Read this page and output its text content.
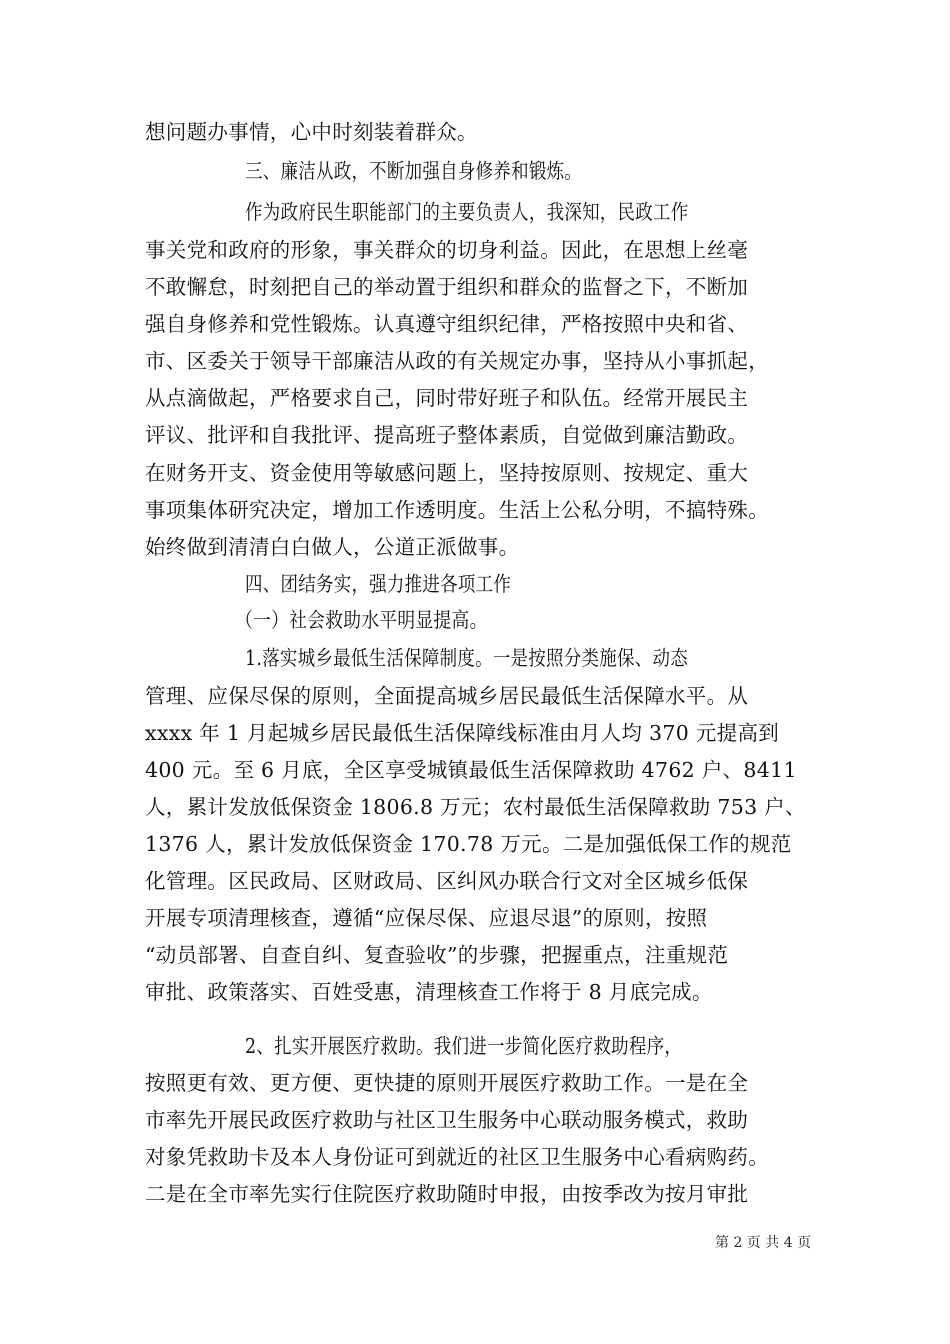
想问题办事情，心中时刻装着群众。
三、廉洁从政，不断加强自身修养和锻炼。
作为政府民生职能部门的主要负责人，我深知，民政工作
事关党和政府的形象，事关群众的切身利益。因此，在思想上丝毫
不敢懈怠，时刻把自己的举动置于组织和群众的监督之下，不断加
强自身修养和党性锻炼。认真遵守组织纪律，严格按照中央和省、
市、区委关于领导干部廉洁从政的有关规定办事，坚持从小事抓起，
从点滴做起，严格要求自己，同时带好班子和队伍。经常开展民主
评议、批评和自我批评、提高班子整体素质，自觉做到廉洁勤政。
在财务开支、资金使用等敏感问题上，坚持按原则、按规定、重大
事项集体研究决定，增加工作透明度。生活上公私分明，不搞特殊。
始终做到清清白白做人，公道正派做事。
四、团结务实，强力推进各项工作
（一）社会救助水平明显提高。
1.落实城乡最低生活保障制度。一是按照分类施保、动态
管理、应保尽保的原则，全面提高城乡居民最低生活保障水平。从
xxxx 年 1 月起城乡居民最低生活保障线标准由月人均 370 元提高到
400 元。至 6 月底，全区享受城镇最低生活保障救助 4762 户、8411
人，累计发放低保资金 1806.8 万元；农村最低生活保障救助 753 户、
1376 人，累计发放低保资金 170.78 万元。二是加强低保工作的规范
化管理。区民政局、区财政局、区纠风办联合行文对全区城乡低保
开展专项清理核查，遵循“应保尽保、应退尽退”的原则，按照
“动员部署、自查自纠、复查验收”的步骤，把握重点，注重规范
审批、政策落实、百姓受惠，清理核查工作将于 8 月底完成。
2、扎实开展医疗救助。我们进一步简化医疗救助程序，
按照更有效、更方便、更快捷的原则开展医疗救助工作。一是在全
市率先开展民政医疗救助与社区卫生服务中心联动服务模式，救助
对象凭救助卡及本人身份证可到就近的社区卫生服务中心看病购药。
二是在全市率先实行住院医疗救助随时申报，由按季改为按月审批
第 2 页 共 4 页
